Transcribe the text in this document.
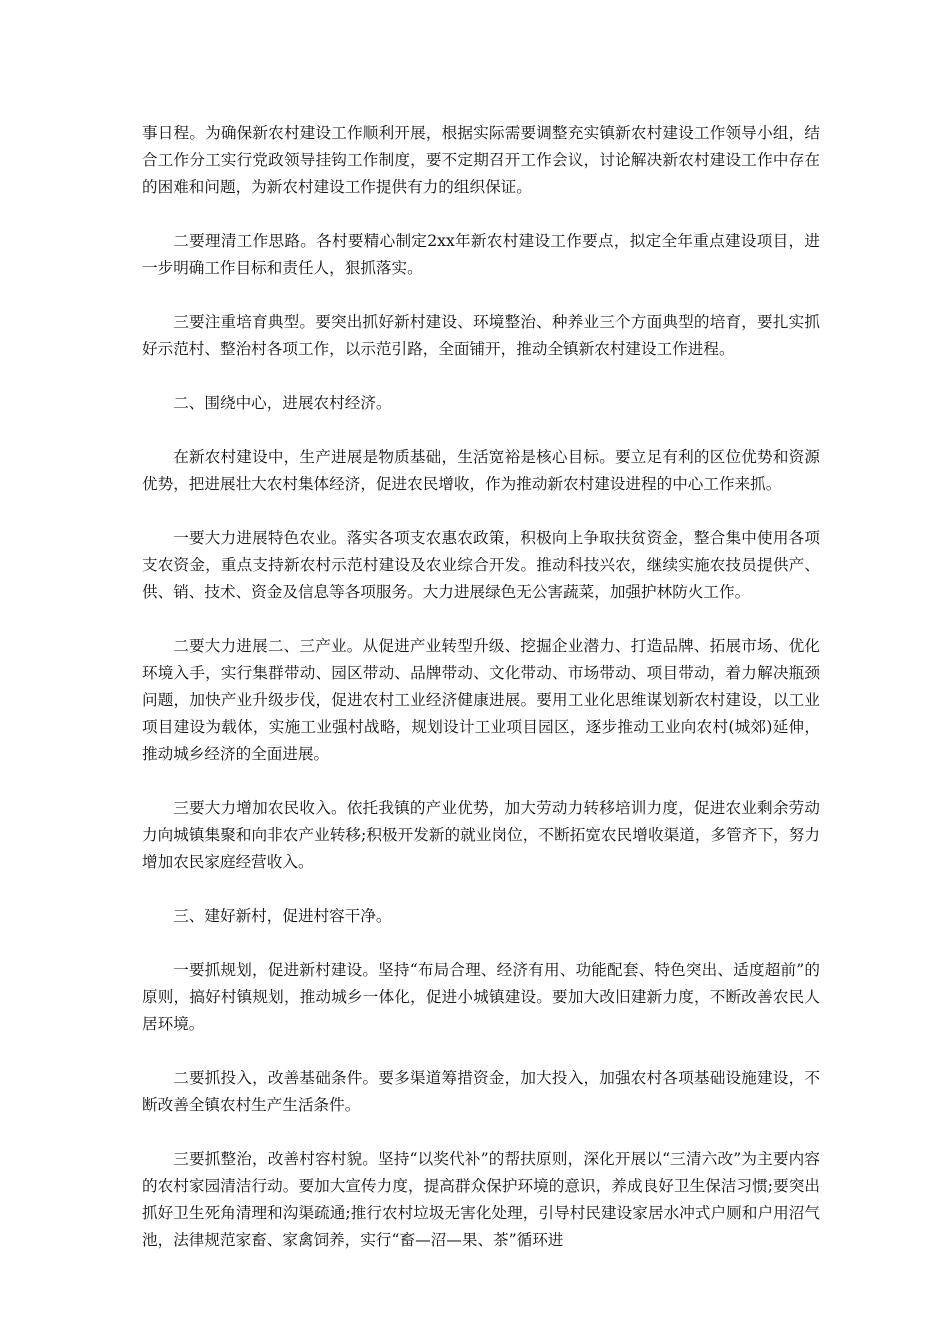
事日程。为确保新农村建设工作顺利开展，根据实际需要调整充实镇新农村建设工作领导小组，结合工作分工实行党政领导挂钩工作制度，要不定期召开工作会议，讨论解决新农村建设工作中存在的困难和问题，为新农村建设工作提供有力的组织保证。

二要理清工作思路。各村要精心制定2xx年新农村建设工作要点，拟定全年重点建设项目，进一步明确工作目标和责任人，狠抓落实。

三要注重培育典型。要突出抓好新村建设、环境整治、种养业三个方面典型的培育，要扎实抓好示范村、整治村各项工作，以示范引路，全面铺开，推动全镇新农村建设工作进程。

二、围绕中心，进展农村经济。

在新农村建设中，生产进展是物质基础，生活宽裕是核心目标。要立足有利的区位优势和资源优势，把进展壮大农村集体经济，促进农民增收，作为推动新农村建设进程的中心工作来抓。

一要大力进展特色农业。落实各项支农惠农政策，积极向上争取扶贫资金，整合集中使用各项支农资金，重点支持新农村示范村建设及农业综合开发。推动科技兴农，继续实施农技员提供产、供、销、技术、资金及信息等各项服务。大力进展绿色无公害蔬菜，加强护林防火工作。

二要大力进展二、三产业。从促进产业转型升级、挖掘企业潜力、打造品牌、拓展市场、优化环境入手，实行集群带动、园区带动、品牌带动、文化带动、市场带动、项目带动，着力解决瓶颈问题，加快产业升级步伐，促进农村工业经济健康进展。要用工业化思维谋划新农村建设，以工业项目建设为载体，实施工业强村战略，规划设计工业项目园区，逐步推动工业向农村(城郊)延伸，推动城乡经济的全面进展。

三要大力增加农民收入。依托我镇的产业优势，加大劳动力转移培训力度，促进农业剩余劳动力向城镇集聚和向非农产业转移;积极开发新的就业岗位，不断拓宽农民增收渠道，多管齐下，努力增加农民家庭经营收入。

三、建好新村，促进村容干净。

一要抓规划，促进新村建设。坚持“布局合理、经济有用、功能配套、特色突出、适度超前”的原则，搞好村镇规划，推动城乡一体化，促进小城镇建设。要加大改旧建新力度，不断改善农民人居环境。

二要抓投入，改善基础条件。要多渠道筹措资金，加大投入，加强农村各项基础设施建设，不断改善全镇农村生产生活条件。

三要抓整治，改善村容村貌。坚持“以奖代补”的帮扶原则，深化开展以“三清六改”为主要内容的农村家园清洁行动。要加大宣传力度，提高群众保护环境的意识，养成良好卫生保洁习惯;要突出抓好卫生死角清理和沟渠疏通;推行农村垃圾无害化处理，引导村民建设家居水冲式户厕和户用沼气池，法律规范家畜、家禽饲养，实行“畜—沼—果、茶”循环进
